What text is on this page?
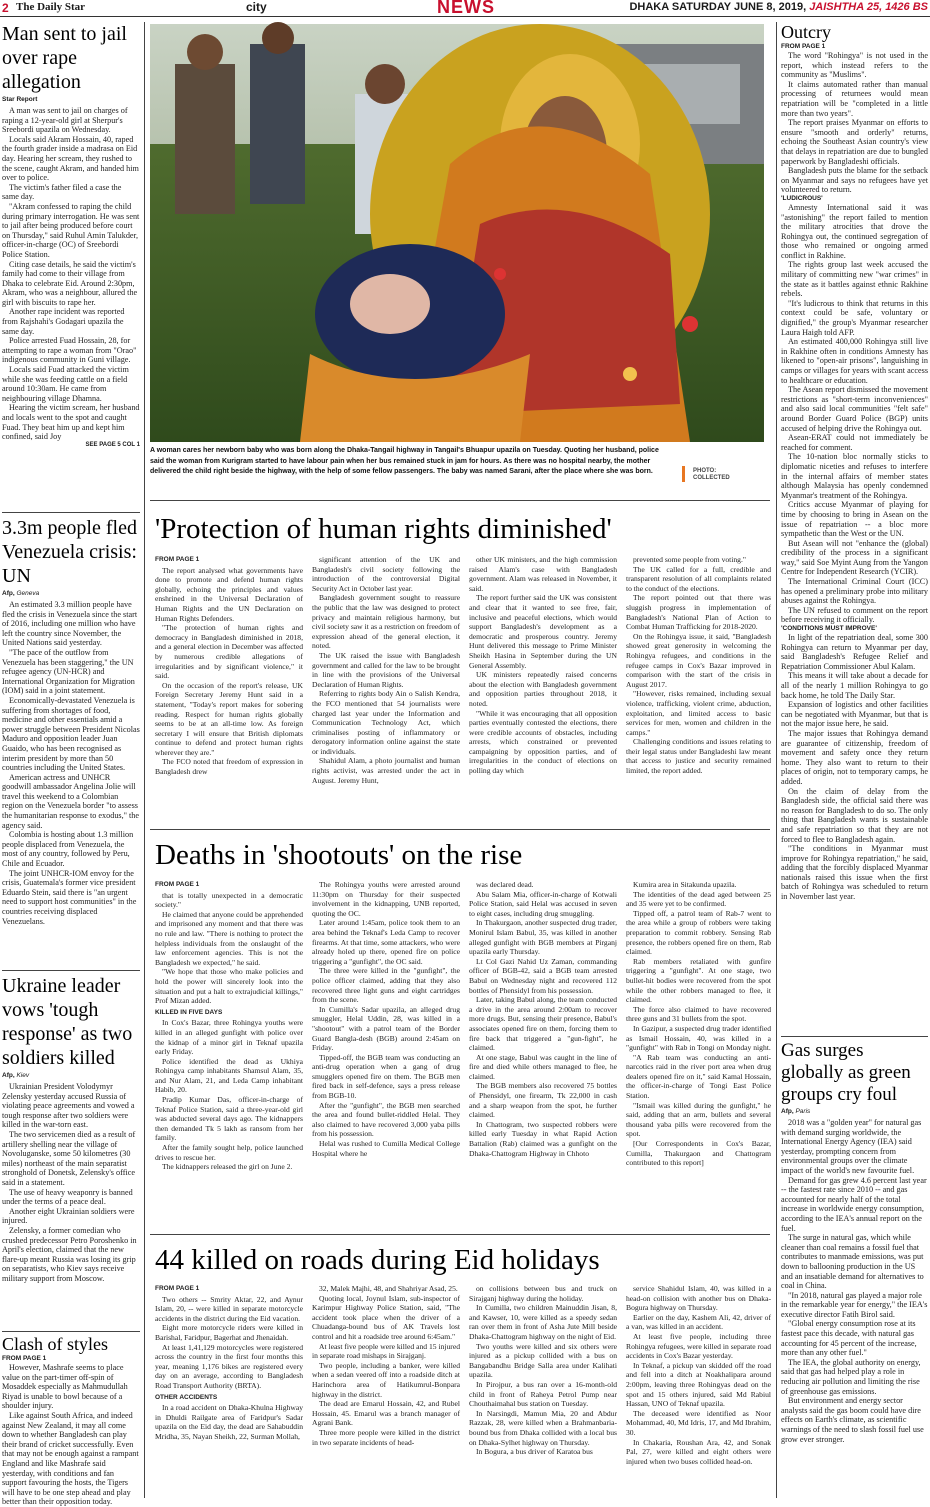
2 The Daily Star	city	NEWS	DHAKA SATURDAY JUNE 8, 2019, JAISHTHA 25, 1426 BS
Man sent to jail over rape allegation
Star Report

A man was sent to jail on charges of raping a 12-year-old girl at Sherpur's Sreebordi upazila on Wednesday.

Locals said Akram Hossain, 40, raped the fourth grader inside a madrasa on Eid day. Hearing her scream, they rushed to the scene, caught Akram, and handed him over to police.

The victim's father filed a case the same day.

"Akram confessed to raping the child during primary interrogation. He was sent to jail after being produced before court on Thursday," said Ruhul Amin Talukder, officer-in-charge (OC) of Sreebordi Police Station.

Citing case details, he said the victim's family had come to their village from Dhaka to celebrate Eid. Around 2:30pm, Akram, who was a neighbour, allured the girl with biscuits to rape her.

Another rape incident was reported from Rajshahi's Godagari upazila the same day.

Police arrested Fuad Hossain, 28, for attempting to rape a woman from "Orao" indigenous community in Guni village.

Locals said Fuad attacked the victim while she was feeding cattle on a field around 10:30am. He came from neighbouring village Dhamna.

Hearing the victim scream, her husband and locals went to the spot and caught Fuad. They beat him up and kept him confined, said Joy

SEE PAGE 5 COL 1
3.3m people fled Venezuela crisis: UN
Afp, Geneva

An estimated 3.3 million people have fled the crisis in Venezuela since the start of 2016, including one million who have left the country since November, the United Nations said yesterday.

"The pace of the outflow from Venezuela has been staggering," the UN refugee agency (UN-HCR) and International Organization for Migration (IOM) said in a joint statement.

Economically-devastated Venezuela is suffering from shortages of food, medicine and other essentials amid a power struggle between President Nicolas Maduro and opposition leader Juan Guaido, who has been recognised as interim president by more than 50 countries including the United States.

American actress and UNHCR goodwill ambassador Angelina Jolie will travel this weekend to a Colombian region on the Venezuela border "to assess the humanitarian response to exodus," the agency said.

Colombia is hosting about 1.3 million people displaced from Venezuela, the most of any country, followed by Peru, Chile and Ecuador.

The joint UNHCR-IOM envoy for the crisis, Guatemala's former vice president Eduardo Stein, said there is "an urgent need to support host communities" in the countries receiving displaced Venezuelans.

Ukraine leader vows 'tough response' as two soldiers killed
Afp, Kiev

Ukrainian President Volodymyr Zelensky yesterday accused Russia of violating peace agreements and vowed a tough response after two soldiers were killed in the war-torn east.

The two servicemen died as a result of artillery shelling near the village of Novoluganske, some 50 kilometres (30 miles) northeast of the main separatist stronghold of Donetsk, Zelensky's office said in a statement.

The use of heavy weaponry is banned under the terms of a peace deal.

Another eight Ukrainian soldiers were injured.

Zelensky, a former comedian who crushed predecessor Petro Poroshenko in April's election, claimed that the new flare-up meant Russia was losing its grip on separatists, who Kiev says receive military support from Moscow.

Clash of styles
FROM PAGE 1

However, Mashrafe seems to place value on the part-timer off-spin of Mosaddek especially as Mahmudullah Riyad is unable to bowl because of a shoulder injury.

Like against South Africa, and indeed against New Zealand, it may all come down to whether Bangladesh can play their brand of cricket successfully. Even that may not be enough against a rampant England and like Mashrafe said yesterday, with conditions and fan support favouring the hosts, the Tigers will have to be one step ahead and play better than their opposition today.

A woman cares her newborn baby who was born along the Dhaka-Tangail highway in Tangail's Bhuapur upazila on Tuesday. Quoting her husband, police said the woman from Kurigram started to have labour pain when her bus remained stuck in jam for hours. As there was no hospital nearby, the mother delivered the child right beside the highway, with the help of some fellow passengers. The baby was named Sarani, after the place where she was born.	PHOTO:
COLLECTED
'Protection of human rights diminished'
FROM PAGE 1

The report analysed what governments have done to promote and defend human rights globally, echoing the principles and values enshrined in the Universal Declaration of Human Rights and the UN Declaration on Human Rights Defenders.

"The protection of human rights and democracy in Bangladesh diminished in 2018, and a general election in December was affected by numerous credible allegations of irregularities and by significant violence," it said.

On the occasion of the report's release, UK Foreign Secretary Jeremy Hunt said in a statement, "Today's report makes for sobering reading. Respect for human rights globally seems to be at an all-time low. As foreign secretary I will ensure that British diplomats continue to defend and protect human rights wherever they are."

The FCO noted that freedom of expression in Bangladesh drew

significant attention of the UK and Bangladesh's civil society following the introduction of the controversial Digital Security Act in October last year.

Bangladesh government sought to reassure the public that the law was designed to protect privacy and maintain religious harmony, but civil society saw it as a restriction on freedom of expression ahead of the general election, it noted.

The UK raised the issue with Bangladesh government and called for the law to be brought in line with the provisions of the Universal Declaration of Human Rights.

Referring to rights body Ain o Salish Kendra, the FCO mentioned that 54 journalists were charged last year under the Information and Communication Technology Act, which criminalises posting of inflammatory or derogatory information online against the state or individuals.

Shahidul Alam, a photo journalist and human rights activist, was arrested under the act in August. Jeremy Hunt,

other UK ministers, and the high commission raised Alam's case with Bangladesh government. Alam was released in November, it said.

The report further said the UK was consistent and clear that it wanted to see free, fair, inclusive and peaceful elections, which would support Bangladesh's development as a democratic and prosperous country. Jeremy Hunt delivered this message to Prime Minister Sheikh Hasina in September during the UN General Assembly.

UK ministers repeatedly raised concerns about the election with Bangladesh government and opposition parties throughout 2018, it noted.

"While it was encouraging that all opposition parties eventually contested the elections, there were credible accounts of obstacles, including arrests, which constrained or prevented campaigning by opposition parties, and of irregularities in the conduct of elections on polling day which

prevented some people from voting."

The UK called for a full, credible and transparent resolution of all complaints related to the conduct of the elections.

The report pointed out that there was sluggish progress in implementation of Bangladesh's National Plan of Action to Combat Human Trafficking for 2018-2020.

On the Rohingya issue, it said, "Bangladesh showed great generosity in welcoming the Rohingya refugees, and conditions in the refugee camps in Cox's Bazar improved in comparison with the start of the crisis in August 2017.

"However, risks remained, including sexual violence, trafficking, violent crime, abduction, exploitation, and limited access to basic services for men, women and children in the camps."

Challenging conditions and issues relating to their legal status under Bangladeshi law meant that access to justice and security remained limited, the report added.

Deaths in 'shootouts' on the rise
FROM PAGE 1

that is totally unexpected in a democratic society."

He claimed that anyone could be apprehended and imprisoned any moment and that there was no rule and law. "There is nothing to protect the helpless individuals from the onslaught of the law enforcement agencies. This is not the Bangladesh we expected," he said.

"We hope that those who make policies and hold the power will sincerely look into the situation and put a halt to extrajudicial killings," Prof Mizan added.

KILLED IN FIVE DAYS

In Cox's Bazar, three Rohingya youths were killed in an alleged gunfight with police over the kidnap of a minor girl in Teknaf upazila early Friday.

Police identified the dead as Ukhiya Rohingya camp inhabitants Shamsul Alam, 35, and Nur Alam, 21, and Leda Camp inhabitant Habib, 20.

Pradip Kumar Das, officer-in-charge of Teknaf Police Station, said a three-year-old girl was abducted several days ago. The kidnappers then demanded Tk 5 lakh as ransom from her family.

After the family sought help, police launched drives to rescue her.

The kidnappers released the girl on June 2.

The Rohingya youths were arrested around 11:30pm on Thursday for their suspected involvement in the kidnapping, UNB reported, quoting the OC.

Later around 1:45am, police took them to an area behind the Teknaf's Leda Camp to recover firearms. At that time, some attackers, who were already holed up there, opened fire on police triggering a "gunfight", the OC said.

The three were killed in the "gunfight", the police officer claimed, adding that they also recovered three light guns and eight cartridges from the scene.

In Cumilla's Sadar upazila, an alleged drug smuggler, Helal Uddin, 28, was killed in a "shootout" with a patrol team of the Border Guard Bangla-desh (BGB) around 2:45am on Friday.

Tipped-off, the BGB team was conducting an anti-drug operation when a gang of drug smugglers opened fire on them. The BGB men fired back in self-defence, says a press release from BGB-10.

After the "gunfight", the BGB men searched the area and found bullet-riddled Helal. They also claimed to have recovered 3,000 yaba pills from his possession.

Helal was rushed to Cumilla Medical College Hospital where he

was declared dead.

Abu Salam Mia, officer-in-charge of Kotwali Police Station, said Helal was accused in seven to eight cases, including drug smuggling.

In Thakurgaon, another suspected drug trader, Monirul Islam Babul, 35, was killed in another alleged gunfight with BGB members at Pirganj upazila early Thursday.

Lt Col Gazi Nahid Uz Zaman, commanding officer of BGB-42, said a BGB team arrested Babul on Wednesday night and recovered 112 bottles of Phensidyl from his possession.

Later, taking Babul along, the team conducted a drive in the area around 2:00am to recover more drugs. But, sensing their presence, Babul's associates opened fire on them, forcing them to fire back that triggered a "gun-fight", he claimed.

At one stage, Babul was caught in the line of fire and died while others managed to flee, he claimed.

The BGB members also recovered 75 bottles of Phensidyl, one firearm, Tk 22,000 in cash and a sharp weapon from the spot, he further claimed.

In Chattogram, two suspected robbers were killed early Tuesday in what Rapid Action Battalion (Rab) claimed was a gunfight on the Dhaka-Chattogram Highway in Chhoto

Kumira area in Sitakunda upazila.

The identities of the dead aged between 25 and 35 were yet to be confirmed.

Tipped off, a patrol team of Rab-7 went to the area while a group of robbers were taking preparation to commit robbery. Sensing Rab presence, the robbers opened fire on them, Rab claimed.

Rab members retaliated with gunfire triggering a "gunfight". At one stage, two bullet-hit bodies were recovered from the spot while the other robbers managed to flee, it claimed.

The force also claimed to have recovered three guns and 31 bullets from the spot.

In Gazipur, a suspected drug trader identified as Ismail Hossain, 40, was killed in a "gunfight" with Rab in Tongi on Monday night.

"A Rab team was conducting an anti-narcotics raid in the river port area when drug dealers opened fire on it," said Kamal Hossain, the officer-in-charge of Tongi East Police Station.

"Ismail was killed during the gunfight," he said, adding that an arm, bullets and several thousand yaba pills were recovered from the spot.

[Our Correspondents in Cox's Bazar, Cumilla, Thakurgaon and Chattogram contributed to this report]

44 killed on roads during Eid holidays
FROM PAGE 1

Two others -- Smrity Aktar, 22, and Aynur Islam, 20, -- were killed in separate motorcycle accidents in the district during the Eid vacation.

Eight more motorcycle riders were killed in Barishal, Faridpur, Bagerhat and Jhenaidah.

At least 1,41,129 motorcycles were registered across the country in the first four months this year, meaning 1,176 bikes are registered every day on an average, according to Bangladesh Road Transport Authority (BRTA).

OTHER ACCIDENTS

In a road accident on Dhaka-Khulna Highway in Dhuldi Railgate area of Faridpur's Sadar upazila on the Eid day, the dead are Sahabuddin Mridha, 35, Nayan Sheikh, 22, Surman Mollah,

32, Malek Majhi, 48, and Shahriyar Asad, 25.

Quoting local, Joynul Islam, sub-inspector of Karimpur Highway Police Station, said, "The accident took place when the driver of a Chuadanga-bound bus of AK Travels lost control and hit a roadside tree around 6:45am."

At least five people were killed and 15 injured in separate road mishaps in Sirajganj.

Two people, including a banker, were killed when a sedan veered off into a roadside ditch at Harinchora area of Hatikumrul-Bonpara highway in the district.

The dead are Emarul Hossain, 42, and Rubel Hossain, 45. Emarul was a branch manager of Agrani Bank.

Three more people were killed in the district in two separate incidents of head-

on collisions between bus and truck on Sirajganj highway during the holiday.

In Cumilla, two children Mainuddin Jisan, 8, and Kawser, 10, were killed as a speedy sedan ran over them in front of Asha Jute Mill beside Dhaka-Chattogram highway on the night of Eid.

Two youths were killed and six others were injured as a pickup collided with a bus on Bangabandhu Bridge Salla area under Kalihati upazila.

In Pirojpur, a bus ran over a 16-month-old child in front of Raheya Petrol Pump near Chouthaimahal bus station on Tuesday.

In Narsingdi, Mamun Mia, 20 and Abdur Razzak, 28, were killed when a Brahmanbaria-bound bus from Dhaka collided with a local bus on Dhaka-Sylhet highway on Thursday.

In Bogura, a bus driver of Karatoa bus

service Shahidul Islam, 40, was killed in a head-on collision with another bus on Dhaka-Bogura highway on Thursday.

Earlier on the day, Kashem Ali, 42, driver of a van, was killed in an accident.

At least five people, including three Rohingya refugees, were killed in separate road accidents in Cox's Bazar yesterday.

In Teknaf, a pickup van skidded off the road and fell into a ditch at Noakhalipara around 2:00pm, leaving three Rohingyas dead on the spot and 15 others injured, said Md Rabiul Hassan, UNO of Teknaf upazila.

The deceased were identified as Noor Mohammad, 40, Md Idris, 17, and Md Ibrahim, 30.

In Chakaria, Roushan Ara, 42, and Sonak Pal, 27, were killed and eight others were injured when two buses collided head-on.

Outcry
FROM PAGE 1

The word "Rohingya" is not used in the report, which instead refers to the community as "Muslims".

It claims automated rather than manual processing of returnees would mean repatriation will be "completed in a little more than two years".

The report praises Myanmar on efforts to ensure "smooth and orderly" returns, echoing the Southeast Asian country's view that delays in repatriation are due to bungled paperwork by Bangladeshi officials.

Bangladesh puts the blame for the setback on Myanmar and says no refugees have yet volunteered to return.

'LUDICROUS'

Amnesty International said it was "astonishing" the report failed to mention the military atrocities that drove the Rohingya out, the continued segregation of those who remained or ongoing armed conflict in Rakhine.

The rights group last week accused the military of committing new "war crimes" in the state as it battles against ethnic Rakhine rebels.

"It's ludicrous to think that returns in this context could be safe, voluntary or dignified," the group's Myanmar researcher Laura Haigh told AFP.

An estimated 400,000 Rohingya still live in Rakhine often in conditions Amnesty has likened to "open-air prisons", languishing in camps or villages for years with scant access to healthcare or education.

The Asean report dismissed the movement restrictions as "short-term inconveniences" and also said local communities "felt safe" around Border Guard Police (BGP) units accused of helping drive the Rohingya out.

Asean-ERAT could not immediately be reached for comment.

The 10-nation bloc normally sticks to diplomatic niceties and refuses to interfere in the internal affairs of member states although Malaysia has openly condemned Myanmar's treatment of the Rohingya.

Critics accuse Myanmar of playing for time by choosing to bring in Asean on the issue of repatriation -- a bloc more sympathetic than the West or the UN.

But Asean will not "enhance the (global) credibility of the process in a significant way," said Soe Myint Aung from the Yangon Centre for Independent Research (YCIR).

The International Criminal Court (ICC) has opened a preliminary probe into military abuses against the Rohingya.

The UN refused to comment on the report before receiving it officially.

'CONDITIONS MUST IMPROVE'

In light of the repatriation deal, some 300 Rohingya can return to Myanmar per day, said Bangladesh's Refugee Relief and Repatriation Commissioner Abul Kalam.

This means it will take about a decade for all of the nearly 1 million Rohingya to go back home, he told The Daily Star.

Expansion of logistics and other facilities can be negotiated with Myanmar, but that is not the major issue here, he said.

The major issues that Rohingya demand are guarantee of citizenship, freedom of movement and safety once they return home. They also want to return to their places of origin, not to temporary camps, he added.

On the claim of delay from the Bangladesh side, the official said there was no reason for Bangladesh to do so. The only thing that Bangladesh wants is sustainable and safe repatriation so that they are not forced to flee to Bangladesh again.

"The conditions in Myanmar must improve for Rohingya repatriation," he said, adding that the forcibly displaced Myanmar nationals raised this issue when the first batch of Rohingya was scheduled to return in November last year.

Gas surges globally as green groups cry foul
Afp, Paris

2018 was a "golden year" for natural gas with demand surging worldwide, the International Energy Agency (IEA) said yesterday, prompting concern from environmental groups over the climate impact of the world's new favourite fuel.

Demand for gas grew 4.6 percent last year -- the fastest rate since 2010 -- and gas accounted for nearly half of the total increase in worldwide energy consumption, according to the IEA's annual report on the fuel.

The surge in natural gas, which while cleaner than coal remains a fossil fuel that contributes to manmade emissions, was put down to ballooning production in the US and an insatiable demand for alternatives to coal in China.

"In 2018, natural gas played a major role in the remarkable year for energy," the IEA's executive director Fatih Birol said.

"Global energy consumption rose at its fastest pace this decade, with natural gas accounting for 45 percent of the increase, more than any other fuel."

The IEA, the global authority on energy, said that gas had helped play a role in reducing air pollution and limiting the rise of greenhouse gas emissions.

But environment and energy sector analysts said the gas boom could have dire effects on Earth's climate, as scientific warnings of the need to slash fossil fuel use grow ever stronger.
